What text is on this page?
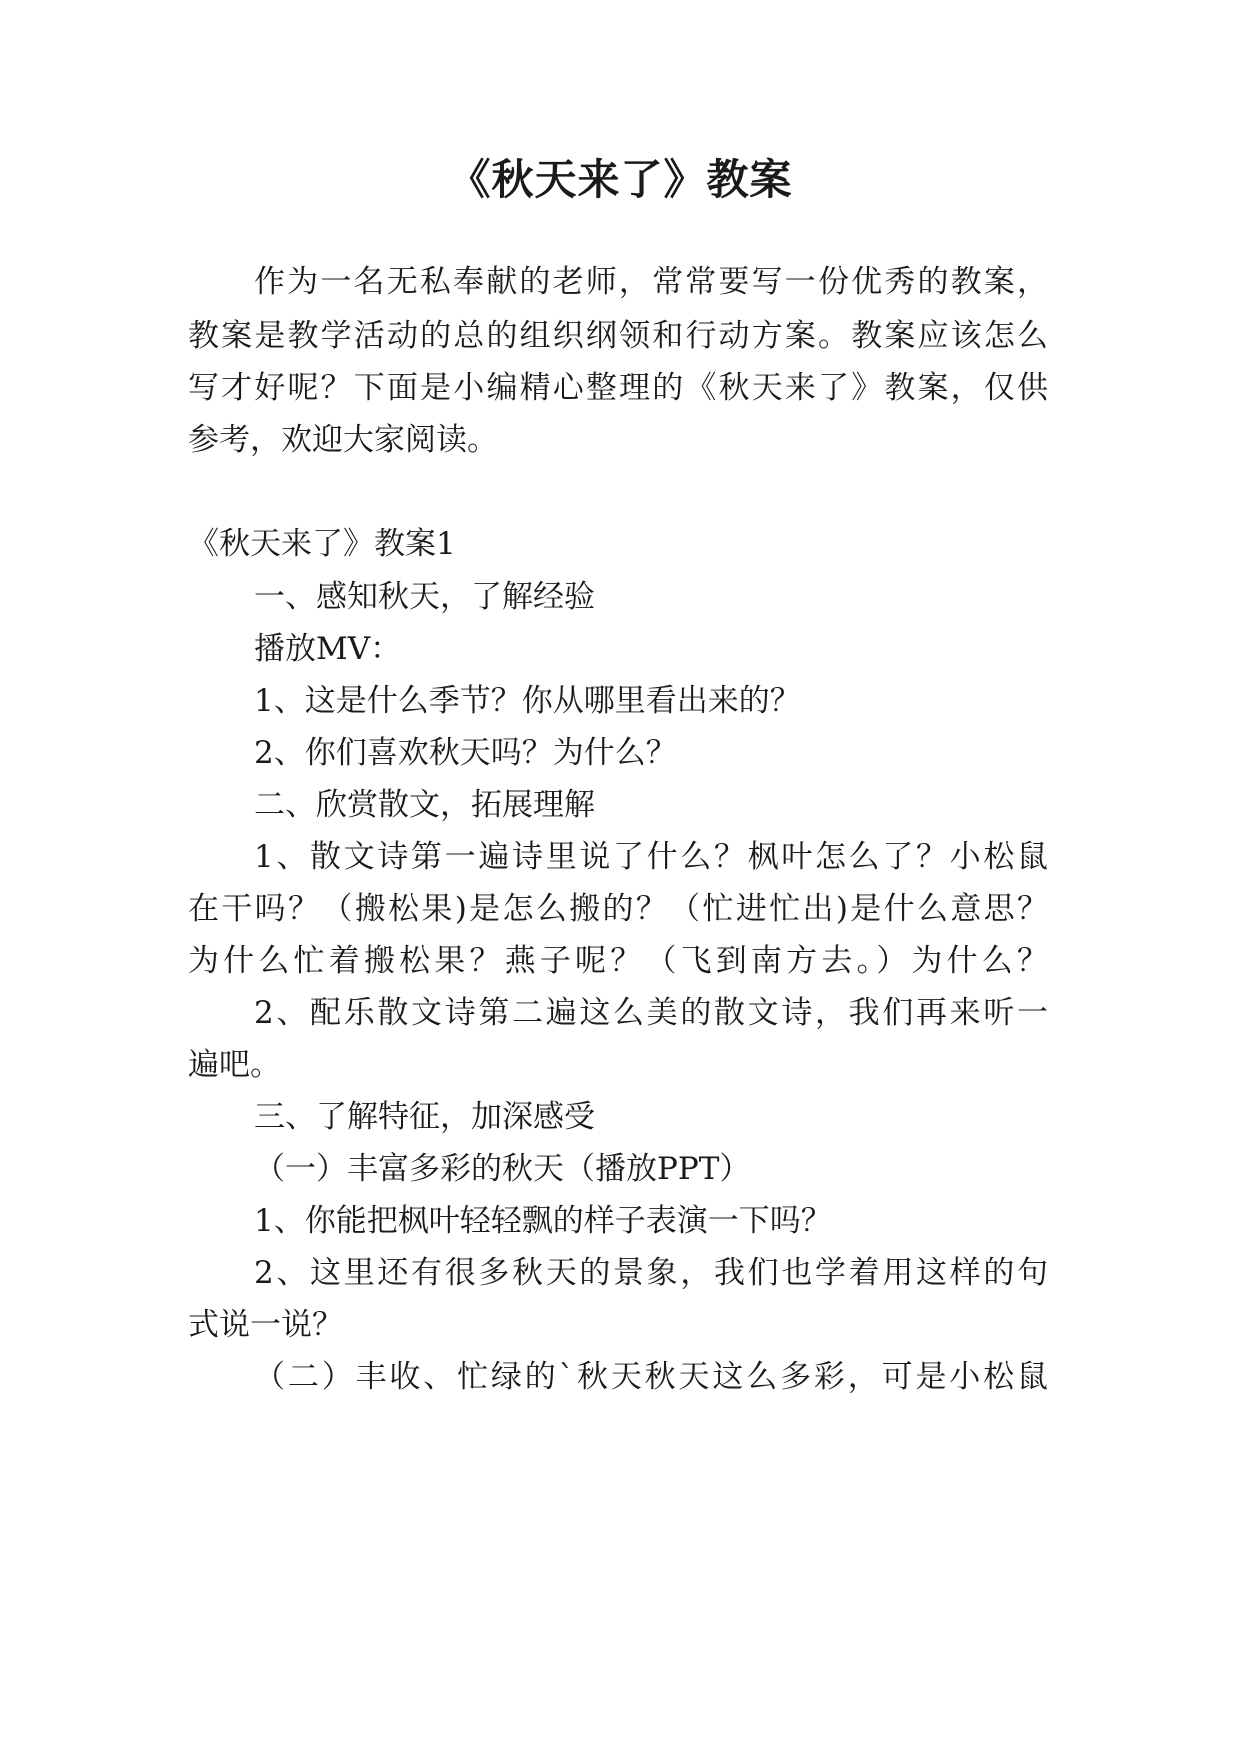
《秋天来了》教案
作为一名无私奉献的老师，常常要写一份优秀的教案，
教案是教学活动的总的组织纲领和行动方案。教案应该怎么
写才好呢？下面是小编精心整理的《秋天来了》教案，仅供
参考，欢迎大家阅读。
《秋天来了》教案1
一、感知秋天，了解经验
播放MV：
1、这是什么季节？你从哪里看出来的？
2、你们喜欢秋天吗？为什么？
二、欣赏散文，拓展理解
1、散文诗第一遍诗里说了什么？枫叶怎么了？小松鼠
在干吗？（搬松果)是怎么搬的？（忙进忙出)是什么意思？
为什么忙着搬松果？燕子呢？（飞到南方去。）为什么？
2、配乐散文诗第二遍这么美的散文诗，我们再来听一
遍吧。
三、了解特征，加深感受
（一）丰富多彩的秋天（播放PPT）
1、你能把枫叶轻轻飘的样子表演一下吗？
2、这里还有很多秋天的景象，我们也学着用这样的句
式说一说？
（二）丰收、忙绿的`秋天秋天这么多彩，可是小松鼠
